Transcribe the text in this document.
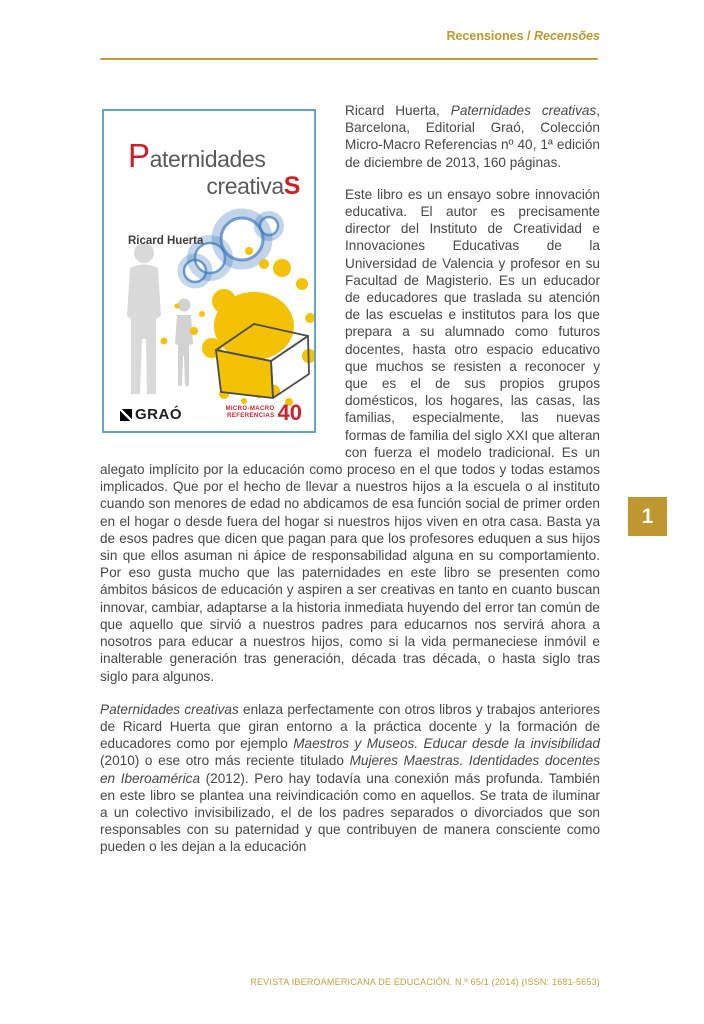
Recensiones / Recensões
Paternidades
creativaS
Ricard Huerta
GRAÓ	MICRO-MACRO
REFERENCIAS 40

Ricard Huerta, Paternidades creativas, Barcelona, Editorial Graó, Colección Micro-Macro Referencias nº 40, 1ª edición de diciembre de 2013, 160 páginas.

Este libro es un ensayo sobre innovación educativa. El autor es precisamente director del Instituto de Creatividad e Innovaciones Educativas de la Universidad de Valencia y profesor en su Facultad de Magisterio. Es un educador de educadores que traslada su atención de las escuelas e institutos para los que prepara a su alumnado como futuros docentes, hasta otro espacio educativo que muchos se resisten a reconocer y que es el de sus propios grupos domésticos, los hogares, las casas, las familias, especialmente, las nuevas formas de familia del siglo XXI que alteran con fuerza el modelo tradicional. Es un alegato implícito por la educación como proceso en el que todos y todas estamos implicados. Que por el hecho de llevar a nuestros hijos a la escuela o al instituto cuando son menores de edad no abdicamos de esa función social de primer orden en el hogar o desde fuera del hogar si nuestros hijos viven en otra casa. Basta ya de esos padres que dicen que pagan para que los profesores eduquen a sus hijos sin que ellos asuman ni ápice de responsabilidad alguna en su comportamiento. Por eso gusta mucho que las paternidades en este libro se presenten como ámbitos básicos de educación y aspiren a ser creativas en tanto en cuanto buscan innovar, cambiar, adaptarse a la historia inmediata huyendo del error tan común de que aquello que sirvió a nuestros padres para educarnos nos servirá ahora a nosotros para educar a nuestros hijos, como si la vida permaneciese inmóvil e inalterable generación tras generación, década tras década, o hasta siglo tras siglo para algunos.

Paternidades creativas enlaza perfectamente con otros libros y trabajos anteriores de Ricard Huerta que giran entorno a la práctica docente y la formación de educadores como por ejemplo Maestros y Museos. Educar desde la invisibilidad (2010) o ese otro más reciente titulado Mujeres Maestras. Identidades docentes en Iberoamérica (2012). Pero hay todavía una conexión más profunda. También en este libro se plantea una reivindicación como en aquellos. Se trata de iluminar a un colectivo invisibilizado, el de los padres separados o divorciados que son responsables con su paternidad y que contribuyen de manera consciente como pueden o les dejan a la educación

1
REVISTA IBEROAMERICANA DE EDUCACIÓN. N.º 65/1 (2014) (ISSN: 1681-5653)
